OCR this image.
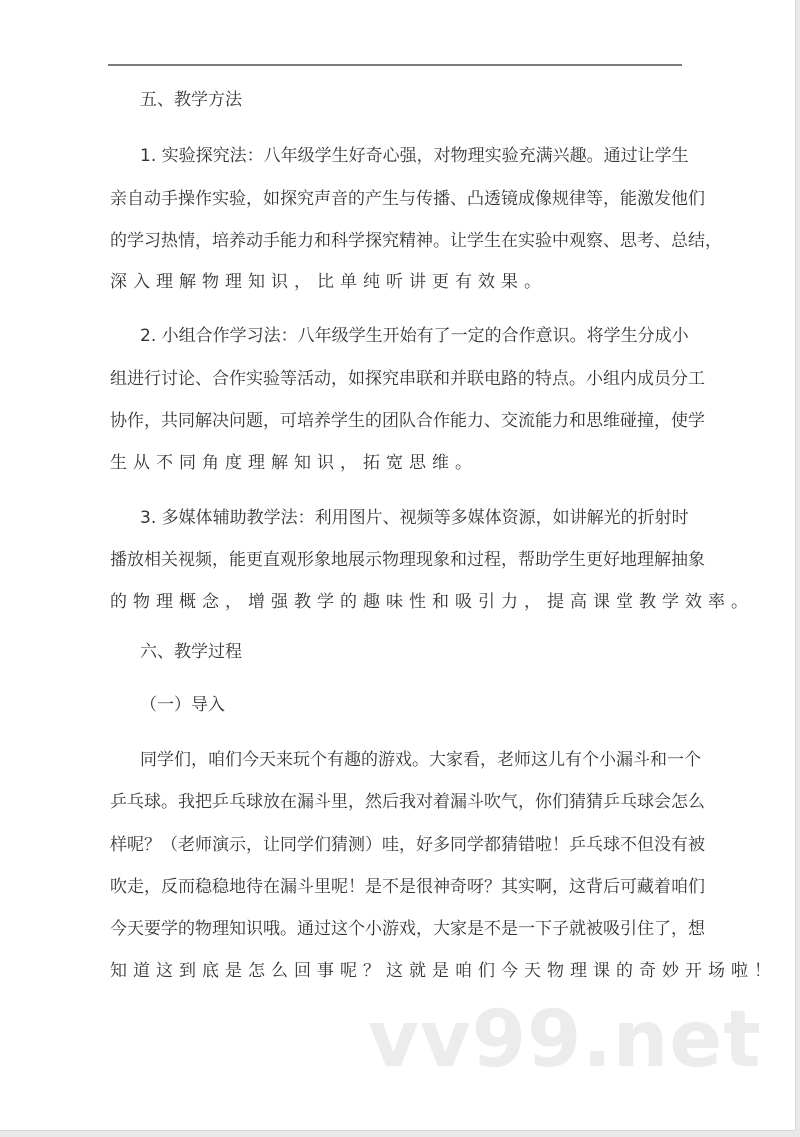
五、教学方法
1. 实验探究法：八年级学生好奇心强，对物理实验充满兴趣。通过让学生
亲自动手操作实验，如探究声音的产生与传播、凸透镜成像规律等，能激发他们
的学习热情，培养动手能力和科学探究精神。让学生在实验中观察、思考、总结，
深入理解物理知识，比单纯听讲更有效果。
2. 小组合作学习法：八年级学生开始有了一定的合作意识。将学生分成小
组进行讨论、合作实验等活动，如探究串联和并联电路的特点。小组内成员分工
协作，共同解决问题，可培养学生的团队合作能力、交流能力和思维碰撞，使学
生从不同角度理解知识，拓宽思维。
3. 多媒体辅助教学法：利用图片、视频等多媒体资源，如讲解光的折射时
播放相关视频，能更直观形象地展示物理现象和过程，帮助学生更好地理解抽象
的物理概念，增强教学的趣味性和吸引力，提高课堂教学效率。
六、教学过程
（一）导入
同学们，咱们今天来玩个有趣的游戏。大家看，老师这儿有个小漏斗和一个
乒乓球。我把乒乓球放在漏斗里，然后我对着漏斗吹气，你们猜猜乒乓球会怎么
样呢？（老师演示，让同学们猜测）哇，好多同学都猜错啦！乒乓球不但没有被
吹走，反而稳稳地待在漏斗里呢！是不是很神奇呀？其实啊，这背后可藏着咱们
今天要学的物理知识哦。通过这个小游戏，大家是不是一下子就被吸引住了，想
知道这到底是怎么回事呢？这就是咱们今天物理课的奇妙开场啦！
vv99.net
